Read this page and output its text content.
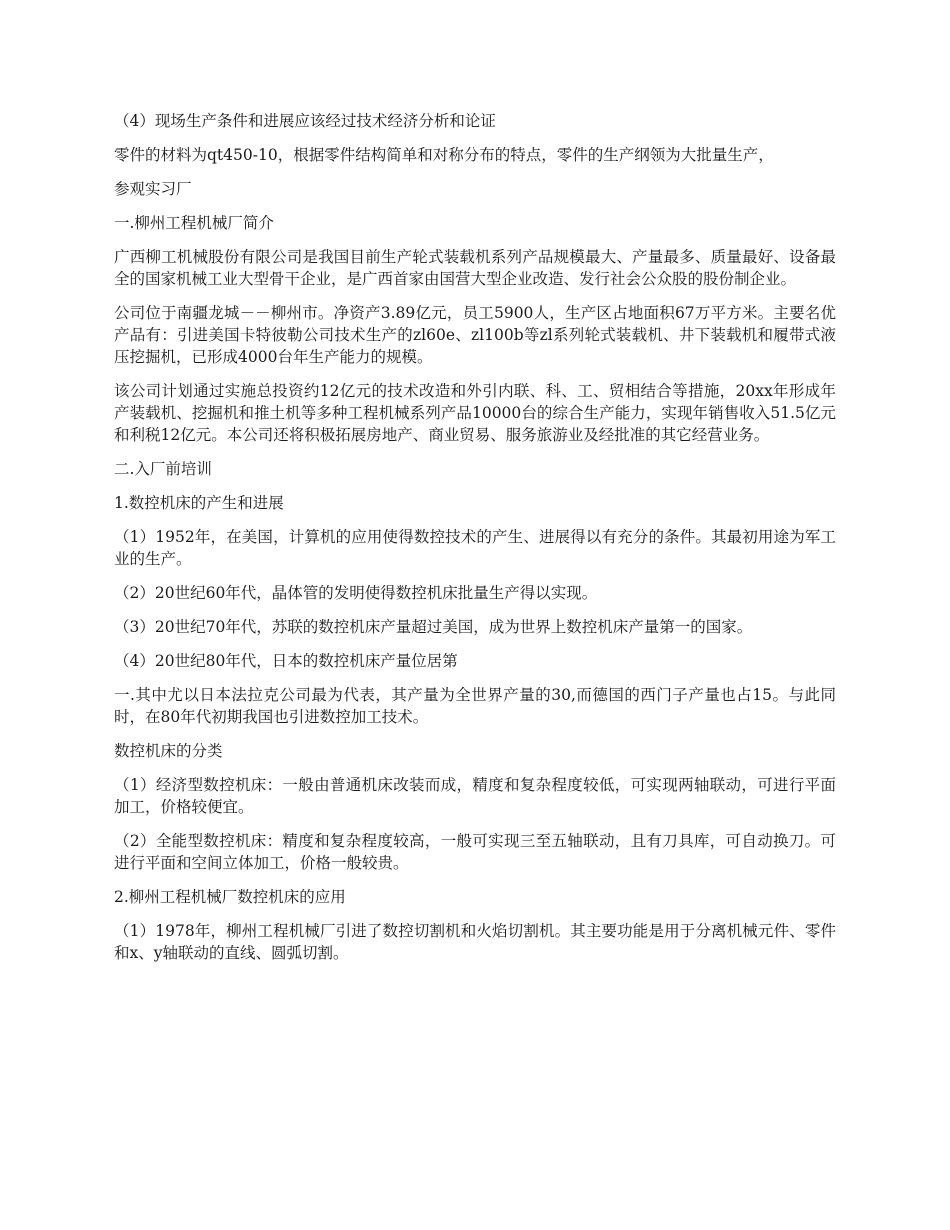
（4）现场生产条件和进展应该经过技术经济分析和论证

零件的材料为qt450-10，根据零件结构简单和对称分布的特点，零件的生产纲领为大批量生产，

参观实习厂

一.柳州工程机械厂简介

广西柳工机械股份有限公司是我国目前生产轮式装载机系列产品规模最大、产量最多、质量最好、设备最全的国家机械工业大型骨干企业，是广西首家由国营大型企业改造、发行社会公众股的股份制企业。

公司位于南疆龙城－－柳州市。净资产3.89亿元，员工5900人，生产区占地面积67万平方米。主要名优产品有：引进美国卡特彼勒公司技术生产的zl60e、zl100b等zl系列轮式装载机、井下装载机和履带式液压挖掘机，已形成4000台年生产能力的规模。

该公司计划通过实施总投资约12亿元的技术改造和外引内联、科、工、贸相结合等措施，20xx年形成年产装载机、挖掘机和推土机等多种工程机械系列产品10000台的综合生产能力，实现年销售收入51.5亿元和利税12亿元。本公司还将积极拓展房地产、商业贸易、服务旅游业及经批准的其它经营业务。

二.入厂前培训

1.数控机床的产生和进展

（1）1952年，在美国，计算机的应用使得数控技术的产生、进展得以有充分的条件。其最初用途为军工业的生产。

（2）20世纪60年代，晶体管的发明使得数控机床批量生产得以实现。

（3）20世纪70年代，苏联的数控机床产量超过美国，成为世界上数控机床产量第一的国家。

（4）20世纪80年代，日本的数控机床产量位居第

一.其中尤以日本法拉克公司最为代表，其产量为全世界产量的30,而德国的西门子产量也占15。与此同时，在80年代初期我国也引进数控加工技术。

数控机床的分类

（1）经济型数控机床：一般由普通机床改装而成，精度和复杂程度较低，可实现两轴联动，可进行平面加工，价格较便宜。

（2）全能型数控机床：精度和复杂程度较高，一般可实现三至五轴联动，且有刀具库，可自动换刀。可进行平面和空间立体加工，价格一般较贵。

2.柳州工程机械厂数控机床的应用

（1）1978年，柳州工程机械厂引进了数控切割机和火焰切割机。其主要功能是用于分离机械元件、零件和x、y轴联动的直线、圆弧切割。
